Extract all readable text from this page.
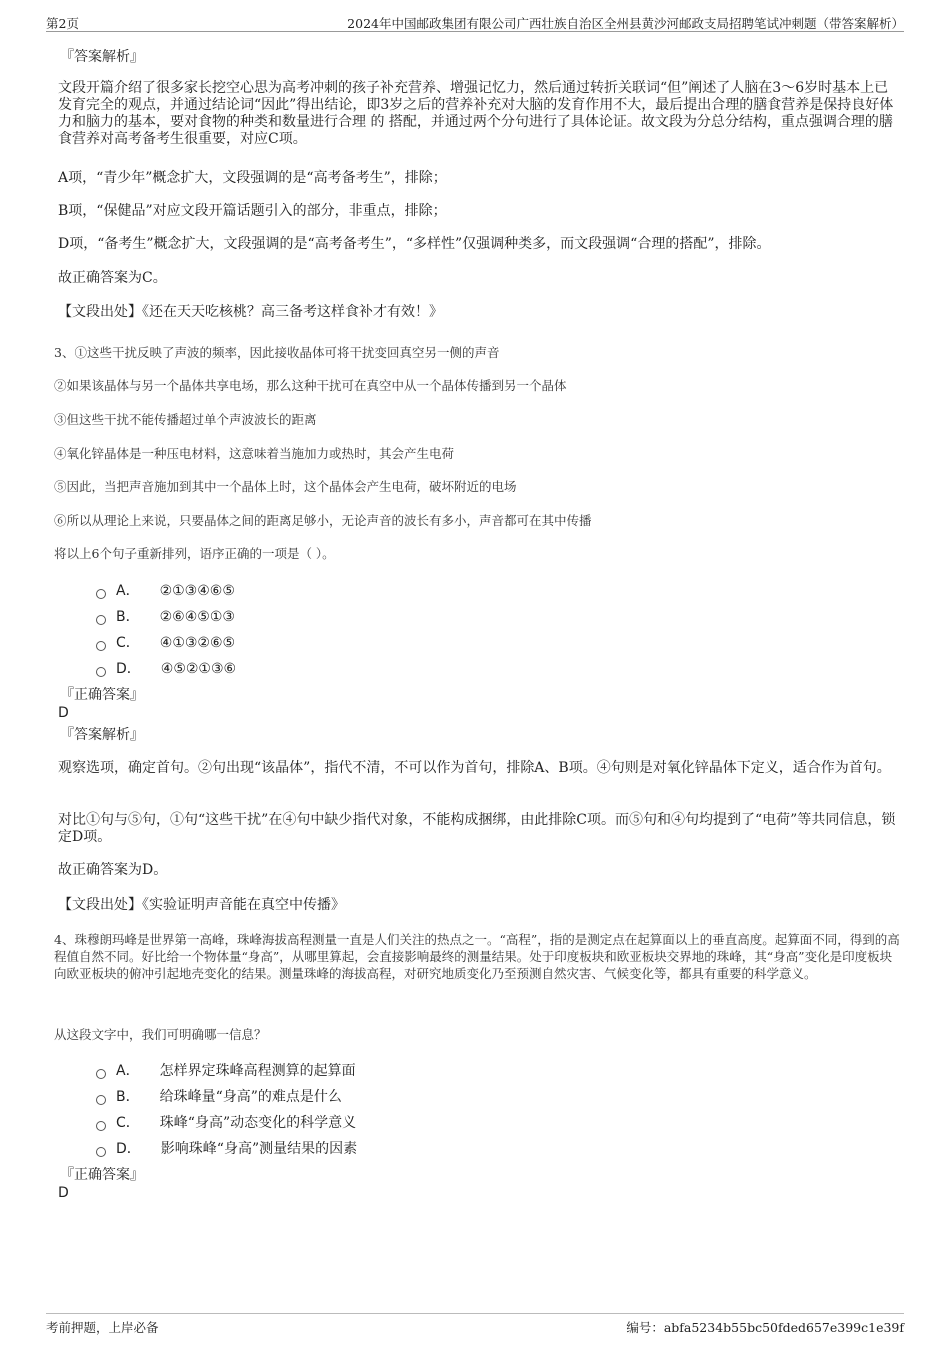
第2页	2024年中国邮政集团有限公司广西壮族自治区全州县黄沙河邮政支局招聘笔试冲刺题（带答案解析）
『答案解析』
文段开篇介绍了很多家长挖空心思为高考冲刺的孩子补充营养、增强记忆力，然后通过转折关联词“但”阐述了人脑在3～6岁时基本上已发育完全的观点，并通过结论词“因此”得出结论，即3岁之后的营养补充对大脑的发育作用不大，最后提出合理的膳食营养是保持良好体力和脑力的基本，要对食物的种类和数量进行合理 的 搭配，并通过两个分句进行了具体论证。故文段为分总分结构，重点强调合理的膳食营养对高考备考生很重要，对应C项。
A项，“青少年”概念扩大，文段强调的是“高考备考生”，排除；
B项，“保健品”对应文段开篇话题引入的部分，非重点，排除；
D项，“备考生”概念扩大，文段强调的是“高考备考生”，“多样性”仅强调种类多，而文段强调“合理的搭配”，排除。
故正确答案为C。
【文段出处】《还在天天吃核桃？高三备考这样食补才有效！》
3、①这些干扰反映了声波的频率，因此接收晶体可将干扰变回真空另一侧的声音
②如果该晶体与另一个晶体共享电场，那么这种干扰可在真空中从一个晶体传播到另一个晶体
③但这些干扰不能传播超过单个声波波长的距离
④氧化锌晶体是一种压电材料，这意味着当施加力或热时，其会产生电荷
⑤因此，当把声音施加到其中一个晶体上时，这个晶体会产生电荷，破坏附近的电场
⑥所以从理论上来说，只要晶体之间的距离足够小，无论声音的波长有多小，声音都可在其中传播
将以上6个句子重新排列，语序正确的一项是（ ）。
A． ②①③④⑥⑤
B． ②⑥④⑤①③
C． ④①③②⑥⑤
D． ④⑤②①③⑥
『正确答案』
D
『答案解析』
观察选项，确定首句。②句出现“该晶体”，指代不清，不可以作为首句，排除A、B项。④句则是对氧化锌晶体下定义，适合作为首句。
对比①句与⑤句，①句“这些干扰”在④句中缺少指代对象，不能构成捆绑，由此排除C项。而⑤句和④句均提到了“电荷”等共同信息，锁定D项。
故正确答案为D。
【文段出处】《实验证明声音能在真空中传播》
4、珠穆朗玛峰是世界第一高峰，珠峰海拔高程测量一直是人们关注的热点之一。“高程”，指的是测定点在起算面以上的垂直高度。起算面不同，得到的高程值自然不同。好比给一个物体量“身高”，从哪里算起，会直接影响最终的测量结果。处于印度板块和欧亚板块交界地的珠峰，其“身高”变化是印度板块向欧亚板块的俯冲引起地壳变化的结果。测量珠峰的海拔高程，对研究地质变化乃至预测自然灾害、气候变化等，都具有重要的科学意义。
从这段文字中，我们可明确哪一信息？
A． 怎样界定珠峰高程测算的起算面
B． 给珠峰量“身高”的难点是什么
C． 珠峰“身高”动态变化的科学意义
D． 影响珠峰“身高”测量结果的因素
『正确答案』
D
考前押题，上岸必备	编号：abfa5234b55bc50fded657e399c1e39f
